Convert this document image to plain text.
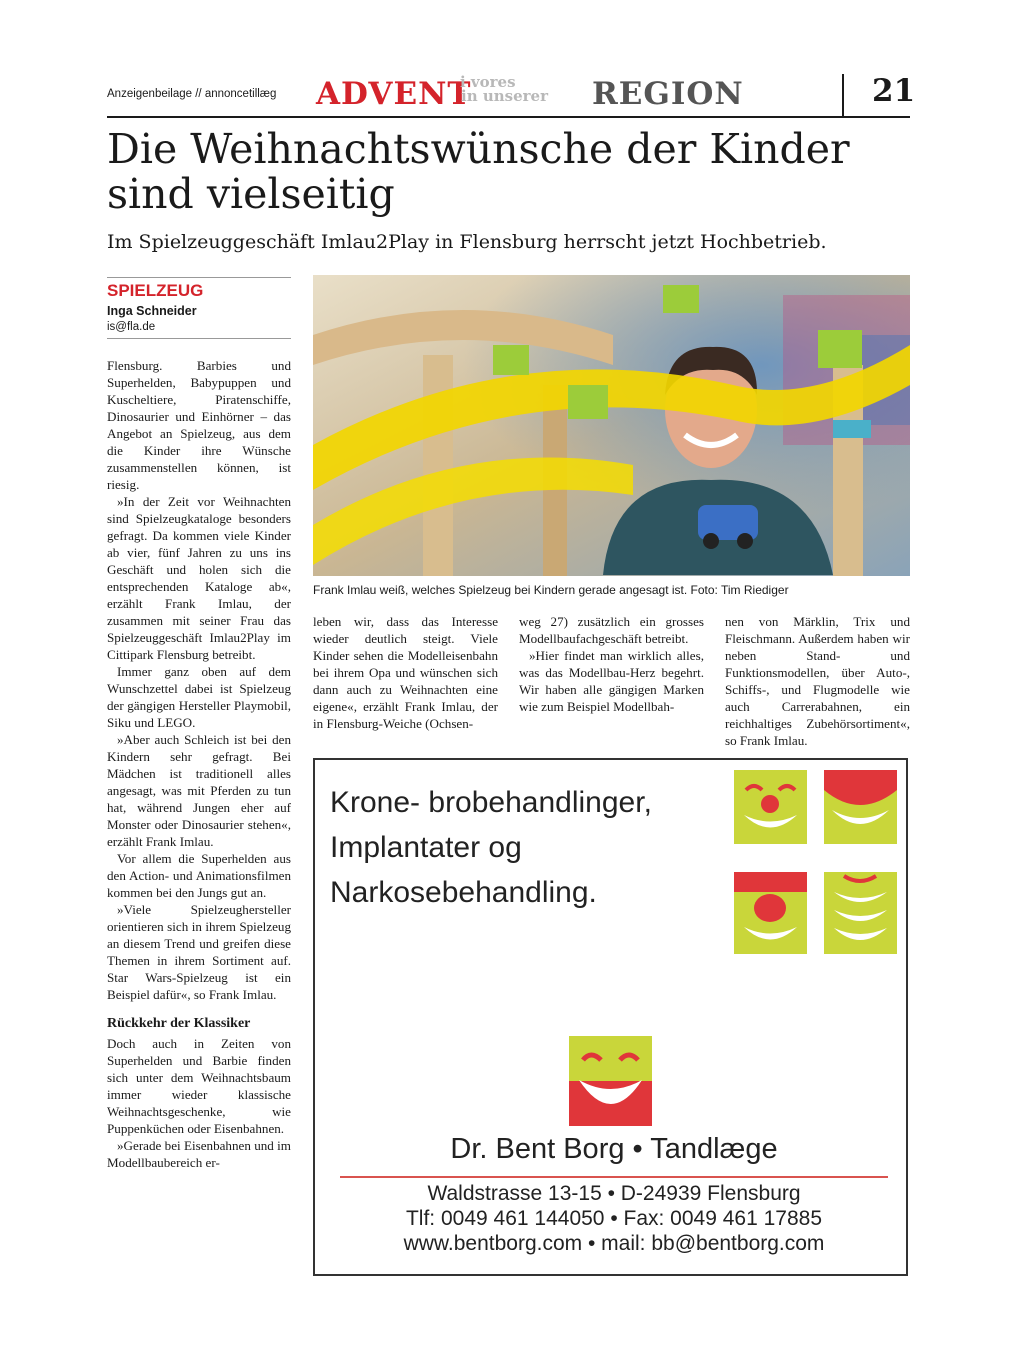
Anzeigenbeilage // annoncetillæg ADVENT
i vores
in unserer REGION	21
Die Weihnachtswünsche der Kinder sind vielseitig
Im Spielzeuggeschäft Imlau2Play in Flensburg herrscht jetzt Hochbetrieb.
SPIELZEUG
Inga Schneider
is@fla.de

Flensburg. Barbies und Superhelden, Babypuppen und Kuscheltiere, Piratenschiffe, Dinosaurier und Einhörner – das Angebot an Spielzeug, aus dem die Kinder ihre Wünsche zusammenstellen können, ist riesig.

»In der Zeit vor Weihnachten sind Spielzeugkataloge besonders gefragt. Da kommen viele Kinder ab vier, fünf Jahren zu uns ins Geschäft und holen sich die entsprechenden Kataloge ab«, erzählt Frank Imlau, der zusammen mit seiner Frau das Spielzeuggeschäft Imlau2Play im Cittipark Flensburg betreibt.

Immer ganz oben auf dem Wunschzettel dabei ist Spielzeug der gängigen Hersteller Playmobil, Siku und LEGO.

»Aber auch Schleich ist bei den Kindern sehr gefragt. Bei Mädchen ist traditionell alles angesagt, was mit Pferden zu tun hat, während Jungen eher auf Monster oder Dinosaurier stehen«, erzählt Frank Imlau.

Vor allem die Superhelden aus den Action- und Animationsfilmen kommen bei den Jungs gut an.

»Viele Spielzeughersteller orientieren sich in ihrem Spielzeug an diesem Trend und greifen diese Themen in ihrem Sortiment auf. Star Wars-Spielzeug ist ein Beispiel dafür«, so Frank Imlau.

Rückkehr der Klassiker

Doch auch in Zeiten von Superhelden und Barbie finden sich unter dem Weihnachtsbaum immer wieder klassische Weihnachtsgeschenke, wie Puppenküchen oder Eisenbahnen.

»Gerade bei Eisenbahnen und im Modellbaubereich er-

Frank Imlau weiß, welches Spielzeug bei Kindern gerade angesagt ist. Foto: Tim Riediger

leben wir, dass das Interesse wieder deutlich steigt. Viele Kinder sehen die Modelleisenbahn bei ihrem Opa und wünschen sich dann auch zu Weihnachten eine eigene«, erzählt Frank Imlau, der in Flensburg-Weiche (Ochsen-

weg 27) zusätzlich ein grosses Modellbaufachgeschäft betreibt.

»Hier findet man wirklich alles, was das Modellbau-Herz begehrt. Wir haben alle gängigen Marken wie zum Beispiel Modellbah-

nen von Märklin, Trix und Fleischmann. Außerdem haben wir neben Stand- und Funktionsmodellen, über Auto-, Schiffs-, und Flugmodelle wie auch Carrerabahnen, ein reichhaltiges Zubehörsortiment«, so Frank Imlau.

Krone- brobehandlinger,
Implantater og
Narkosebehandling.
Dr. Bent Borg • Tandlæge
Waldstrasse 13-15 • D-24939 Flensburg
Tlf: 0049 461 144050 • Fax: 0049 461 17885
www.bentborg.com • mail: bb@bentborg.com
